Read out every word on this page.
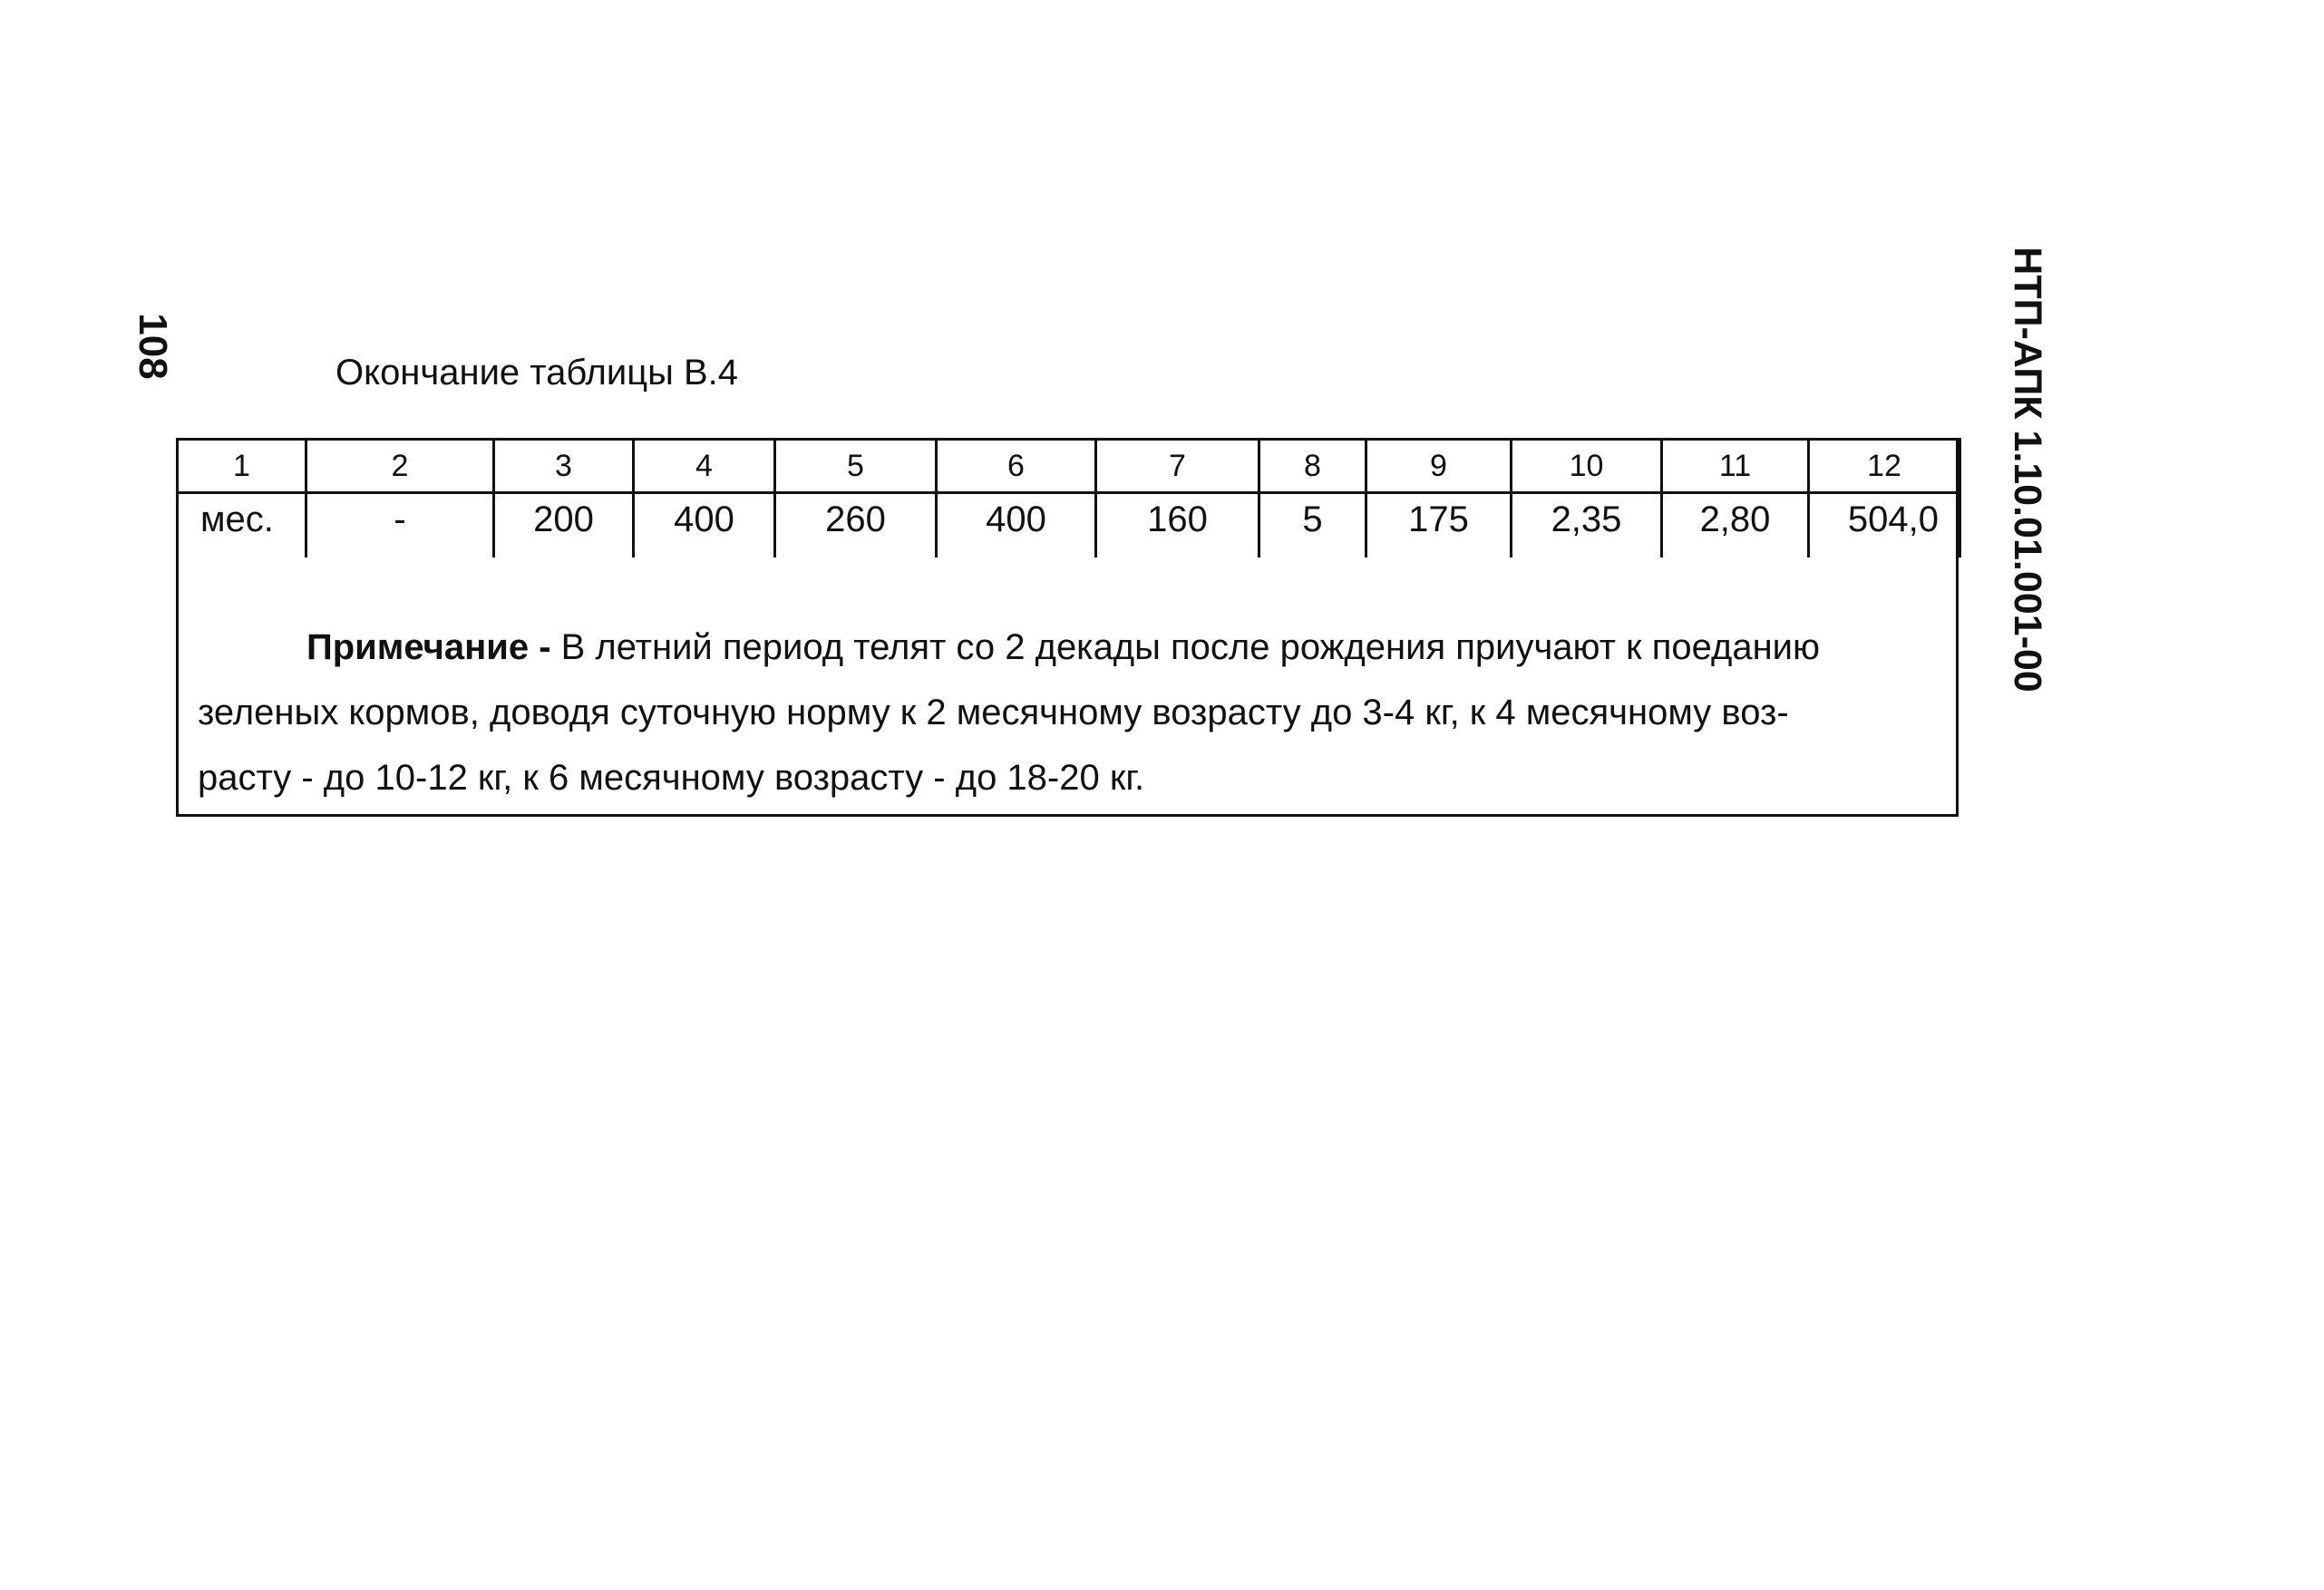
108	НТП-АПК 1.10.01.001-00
Окончание таблицы В.4
1	2	3	4	5	6	7	8	9	10	11	12
мес.	-	200	400	260	400	160	5	175	2,35	2,80	504,0
Примечание - В летний период телят со 2 декады после рождения приучают к поеданию
зеленых кормов, доводя суточную норму к 2 месячному возрасту до 3-4 кг, к 4 месячному воз-
расту - до 10-12 кг, к 6 месячному возрасту - до 18-20 кг.
